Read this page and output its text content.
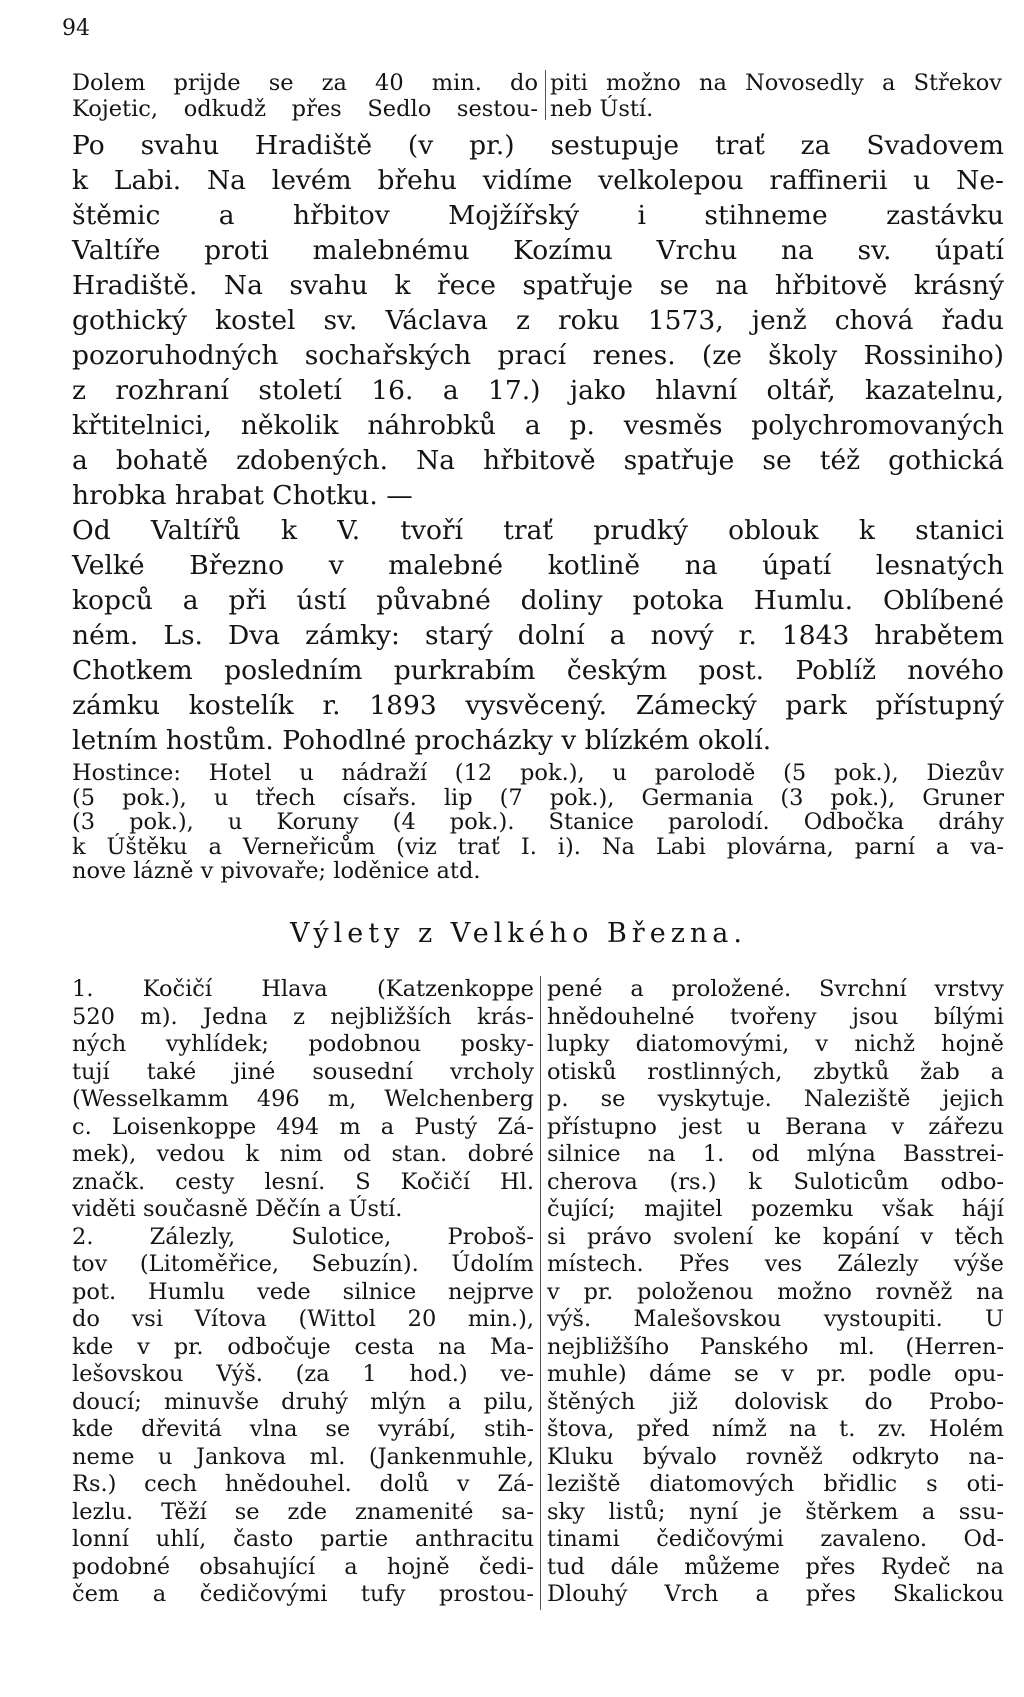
94
Dolem prijde se za 40 min. do
Kojetic, odkudž přes Sedlo sestou-
piti možno na Novosedly a Střekov
neb Ústí.
Po svahu Hradiště (v pr.) sestupuje trať za Svadovem
k Labi. Na levém břehu vidíme velkolepou raffinerii u Ne-
štěmic a hřbitov Mojžířský i stihneme zastávku
Valtíře proti malebnému Kozímu Vrchu na sv. úpatí
Hradiště. Na svahu k řece spatřuje se na hřbitově krásný
gothický kostel sv. Václava z roku 1573, jenž chová řadu
pozoruhodných sochařských prací renes. (ze školy Rossiniho)
z rozhraní století 16. a 17.) jako hlavní oltář, kazatelnu,
křtitelnici, několik náhrobků a p. vesměs polychromovaných
a bohatě zdobených. Na hřbitově spatřuje se též gothická
hrobka hrabat Chotku. —
Od Valtířů k V. tvoří trať prudký oblouk k stanici
Velké Březno v malebné kotlině na úpatí lesnatých
kopců a při ústí půvabné doliny potoka Humlu. Oblíbené
ném. Ls. Dva zámky: starý dolní a nový r. 1843 hrabětem
Chotkem posledním purkrabím českým post. Poblíž nového
zámku kostelík r. 1893 vysvěcený. Zámecký park přístupný
letním hostům. Pohodlné procházky v blízkém okolí.
Hostince: Hotel u nádraží (12 pok.), u parolodě (5 pok.), Diezův
(5 pok.), u třech císařs. lip (7 pok.), Germania (3 pok.), Gruner
(3 pok.), u Koruny (4 pok.). Stanice parolodí. Odbočka dráhy
k Úštěku a Verneřicům (viz trať I. i). Na Labi plovárna, parní a va-
nove lázně v pivovaře; loděnice atd.
Výlety z Velkého Března.
1. Kočičí Hlava (Katzenkoppe
520 m). Jedna z nejbližších krás-
ných vyhlídek; podobnou posky-
tují také jiné sousední vrcholy
(Wesselkamm 496 m, Welchenberg
c. Loisenkoppe 494 m a Pustý Zá-
mek), vedou k nim od stan. dobré
značk. cesty lesní. S Kočičí Hl.
viděti současně Děčín a Ústí.
2. Zálezly, Sulotice, Proboš-
tov (Litoměřice, Sebuzín). Údolím
pot. Humlu vede silnice nejprve
do vsi Vítova (Wittol 20 min.),
kde v pr. odbočuje cesta na Ma-
lešovskou Výš. (za 1 hod.) ve-
doucí; minuvše druhý mlýn a pilu,
kde dřevitá vlna se vyrábí, stih-
neme u Jankova ml. (Jankenmuhle,
Rs.) cech hnědouhel. dolů v Zá-
lezlu. Těží se zde znamenité sa-
lonní uhlí, často partie anthracitu
podobné obsahující a hojně čedi-
čem a čedičovými tufy prostou-
pené a proložené. Svrchní vrstvy
hnědouhelné tvořeny jsou bílými
lupky diatomovými, v nichž hojně
otisků rostlinných, zbytků žab a
p. se vyskytuje. Naleziště jejich
přístupno jest u Berana v zářezu
silnice na 1. od mlýna Basstrei-
cherova (rs.) k Suloticům odbo-
čující; majitel pozemku však hájí
si právo svolení ke kopání v těch
místech. Přes ves Zálezly výše
v pr. položenou možno rovněž na
výš. Malešovskou vystoupiti. U
nejbližšího Panského ml. (Herren-
muhle) dáme se v pr. podle opu-
štěných již dolovisk do Probo-
štova, před nímž na t. zv. Holém
Kluku bývalo rovněž odkryto na-
leziště diatomových břidlic s oti-
sky listů; nyní je štěrkem a ssu-
tinami čedičovými zavaleno. Od-
tud dále můžeme přes Rydeč na
Dlouhý Vrch a přes Skalickou
